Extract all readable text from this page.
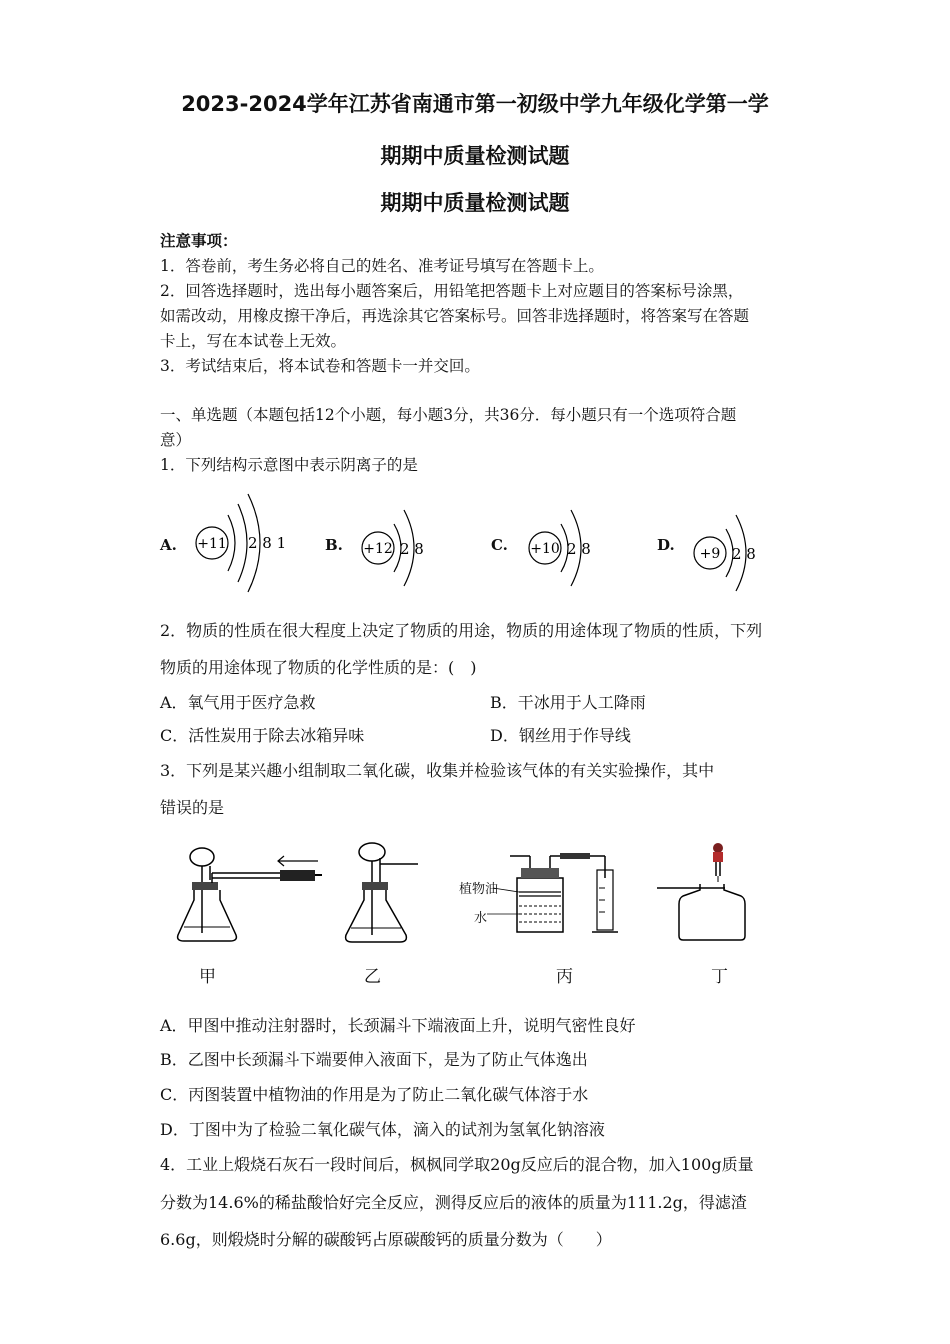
2023-2024学年江苏省南通市第一初级中学九年级化学第一学
期期中质量检测试题
期期中质量检测试题
注意事项：
1．答卷前，考生务必将自己的姓名、准考证号填写在答题卡上。
2．回答选择题时，选出每小题答案后，用铅笔把答题卡上对应题目的答案标号涂黑，
如需改动，用橡皮擦干净后，再选涂其它答案标号。回答非选择题时，将答案写在答题
卡上，写在本试卷上无效。
3．考试结束后，将本试卷和答题卡一并交回。
一、单选题（本题包括12个小题，每小题3分，共36分．每小题只有一个选项符合题
意）
1．下列结构示意图中表示阴离子的是
A. +11 2 8 1	B. +12 2 8	C. +10 2 8	D. +9 2 8
2．物质的性质在很大程度上决定了物质的用途，物质的用途体现了物质的性质，下列
物质的用途体现了物质的化学性质的是：(　)
A．氧气用于医疗急救	B．干冰用于人工降雨
C．活性炭用于除去冰箱异味	D．钢丝用于作导线
3．下列是某兴趣小组制取二氧化碳，收集并检验该气体的有关实验操作，其中
错误的是
甲	乙
植物油
水
丙	丁
A．甲图中推动注射器时，长颈漏斗下端液面上升，说明气密性良好
B．乙图中长颈漏斗下端要伸入液面下，是为了防止气体逸出
C．丙图装置中植物油的作用是为了防止二氧化碳气体溶于水
D．丁图中为了检验二氧化碳气体，滴入的试剂为氢氧化钠溶液
4．工业上煅烧石灰石一段时间后，枫枫同学取20g反应后的混合物，加入100g质量
分数为14.6%的稀盐酸恰好完全反应，测得反应后的液体的质量为111.2g，得滤渣
6.6g，则煅烧时分解的碳酸钙占原碳酸钙的质量分数为（　　）
